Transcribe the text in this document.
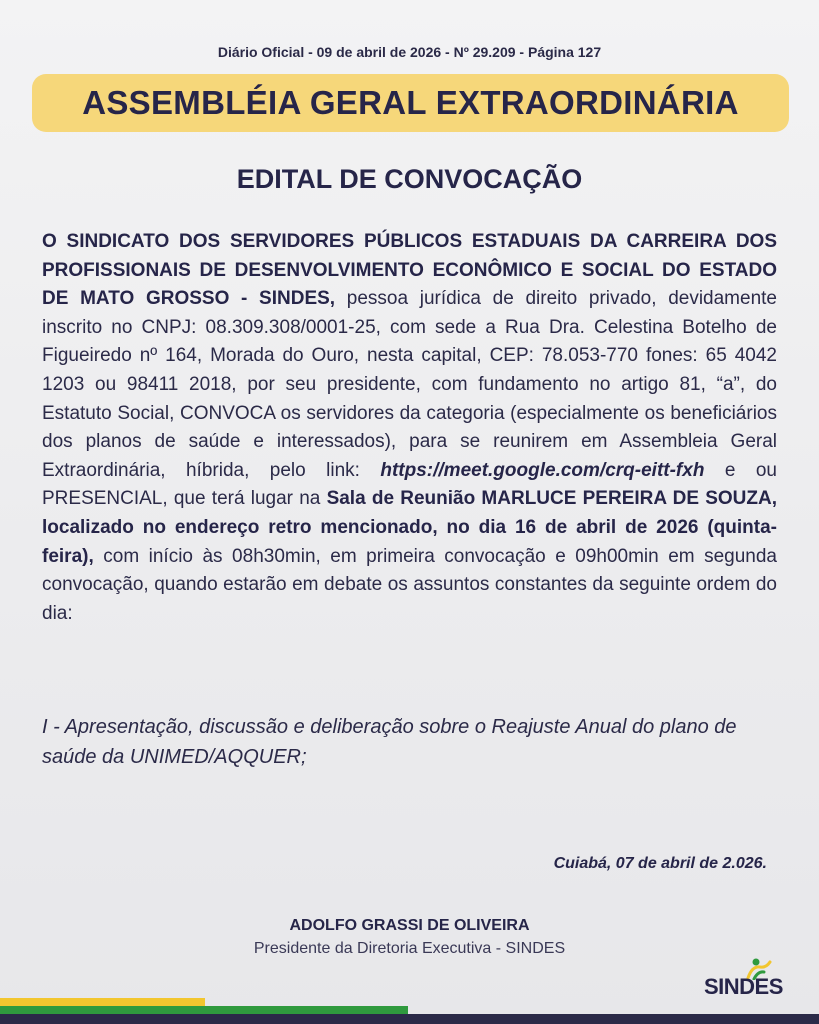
Diário Oficial - 09 de abril de 2026 - Nº 29.209 - Página 127
ASSEMBLÉIA GERAL EXTRAORDINÁRIA
EDITAL DE CONVOCAÇÃO
O SINDICATO DOS SERVIDORES PÚBLICOS ESTADUAIS DA CARREIRA DOS PROFISSIONAIS DE DESENVOLVIMENTO ECONÔMICO E SOCIAL DO ESTADO DE MATO GROSSO - SINDES, pessoa jurídica de direito privado, devidamente inscrito no CNPJ: 08.309.308/0001-25, com sede a Rua Dra. Celestina Botelho de Figueiredo nº 164, Morada do Ouro, nesta capital, CEP: 78.053-770 fones: 65 4042 1203 ou 98411 2018, por seu presidente, com fundamento no artigo 81, “a”, do Estatuto Social, CONVOCA os servidores da categoria (especialmente os beneficiários dos planos de saúde e interessados), para se reunirem em Assembleia Geral Extraordinária, híbrida, pelo link: https://meet.google.com/crq-eitt-fxh e ou PRESENCIAL, que terá lugar na Sala de Reunião MARLUCE PEREIRA DE SOUZA, localizado no endereço retro mencionado, no dia 16 de abril de 2026 (quinta-feira), com início às 08h30min, em primeira convocação e 09h00min em segunda convocação, quando estarão em debate os assuntos constantes da seguinte ordem do dia:
I - Apresentação, discussão e deliberação sobre o Reajuste Anual do plano de saúde da UNIMED/AQQUER;
Cuiabá, 07 de abril de 2.026.
ADOLFO GRASSI DE OLIVEIRA
Presidente da Diretoria Executiva - SINDES
SINDES
